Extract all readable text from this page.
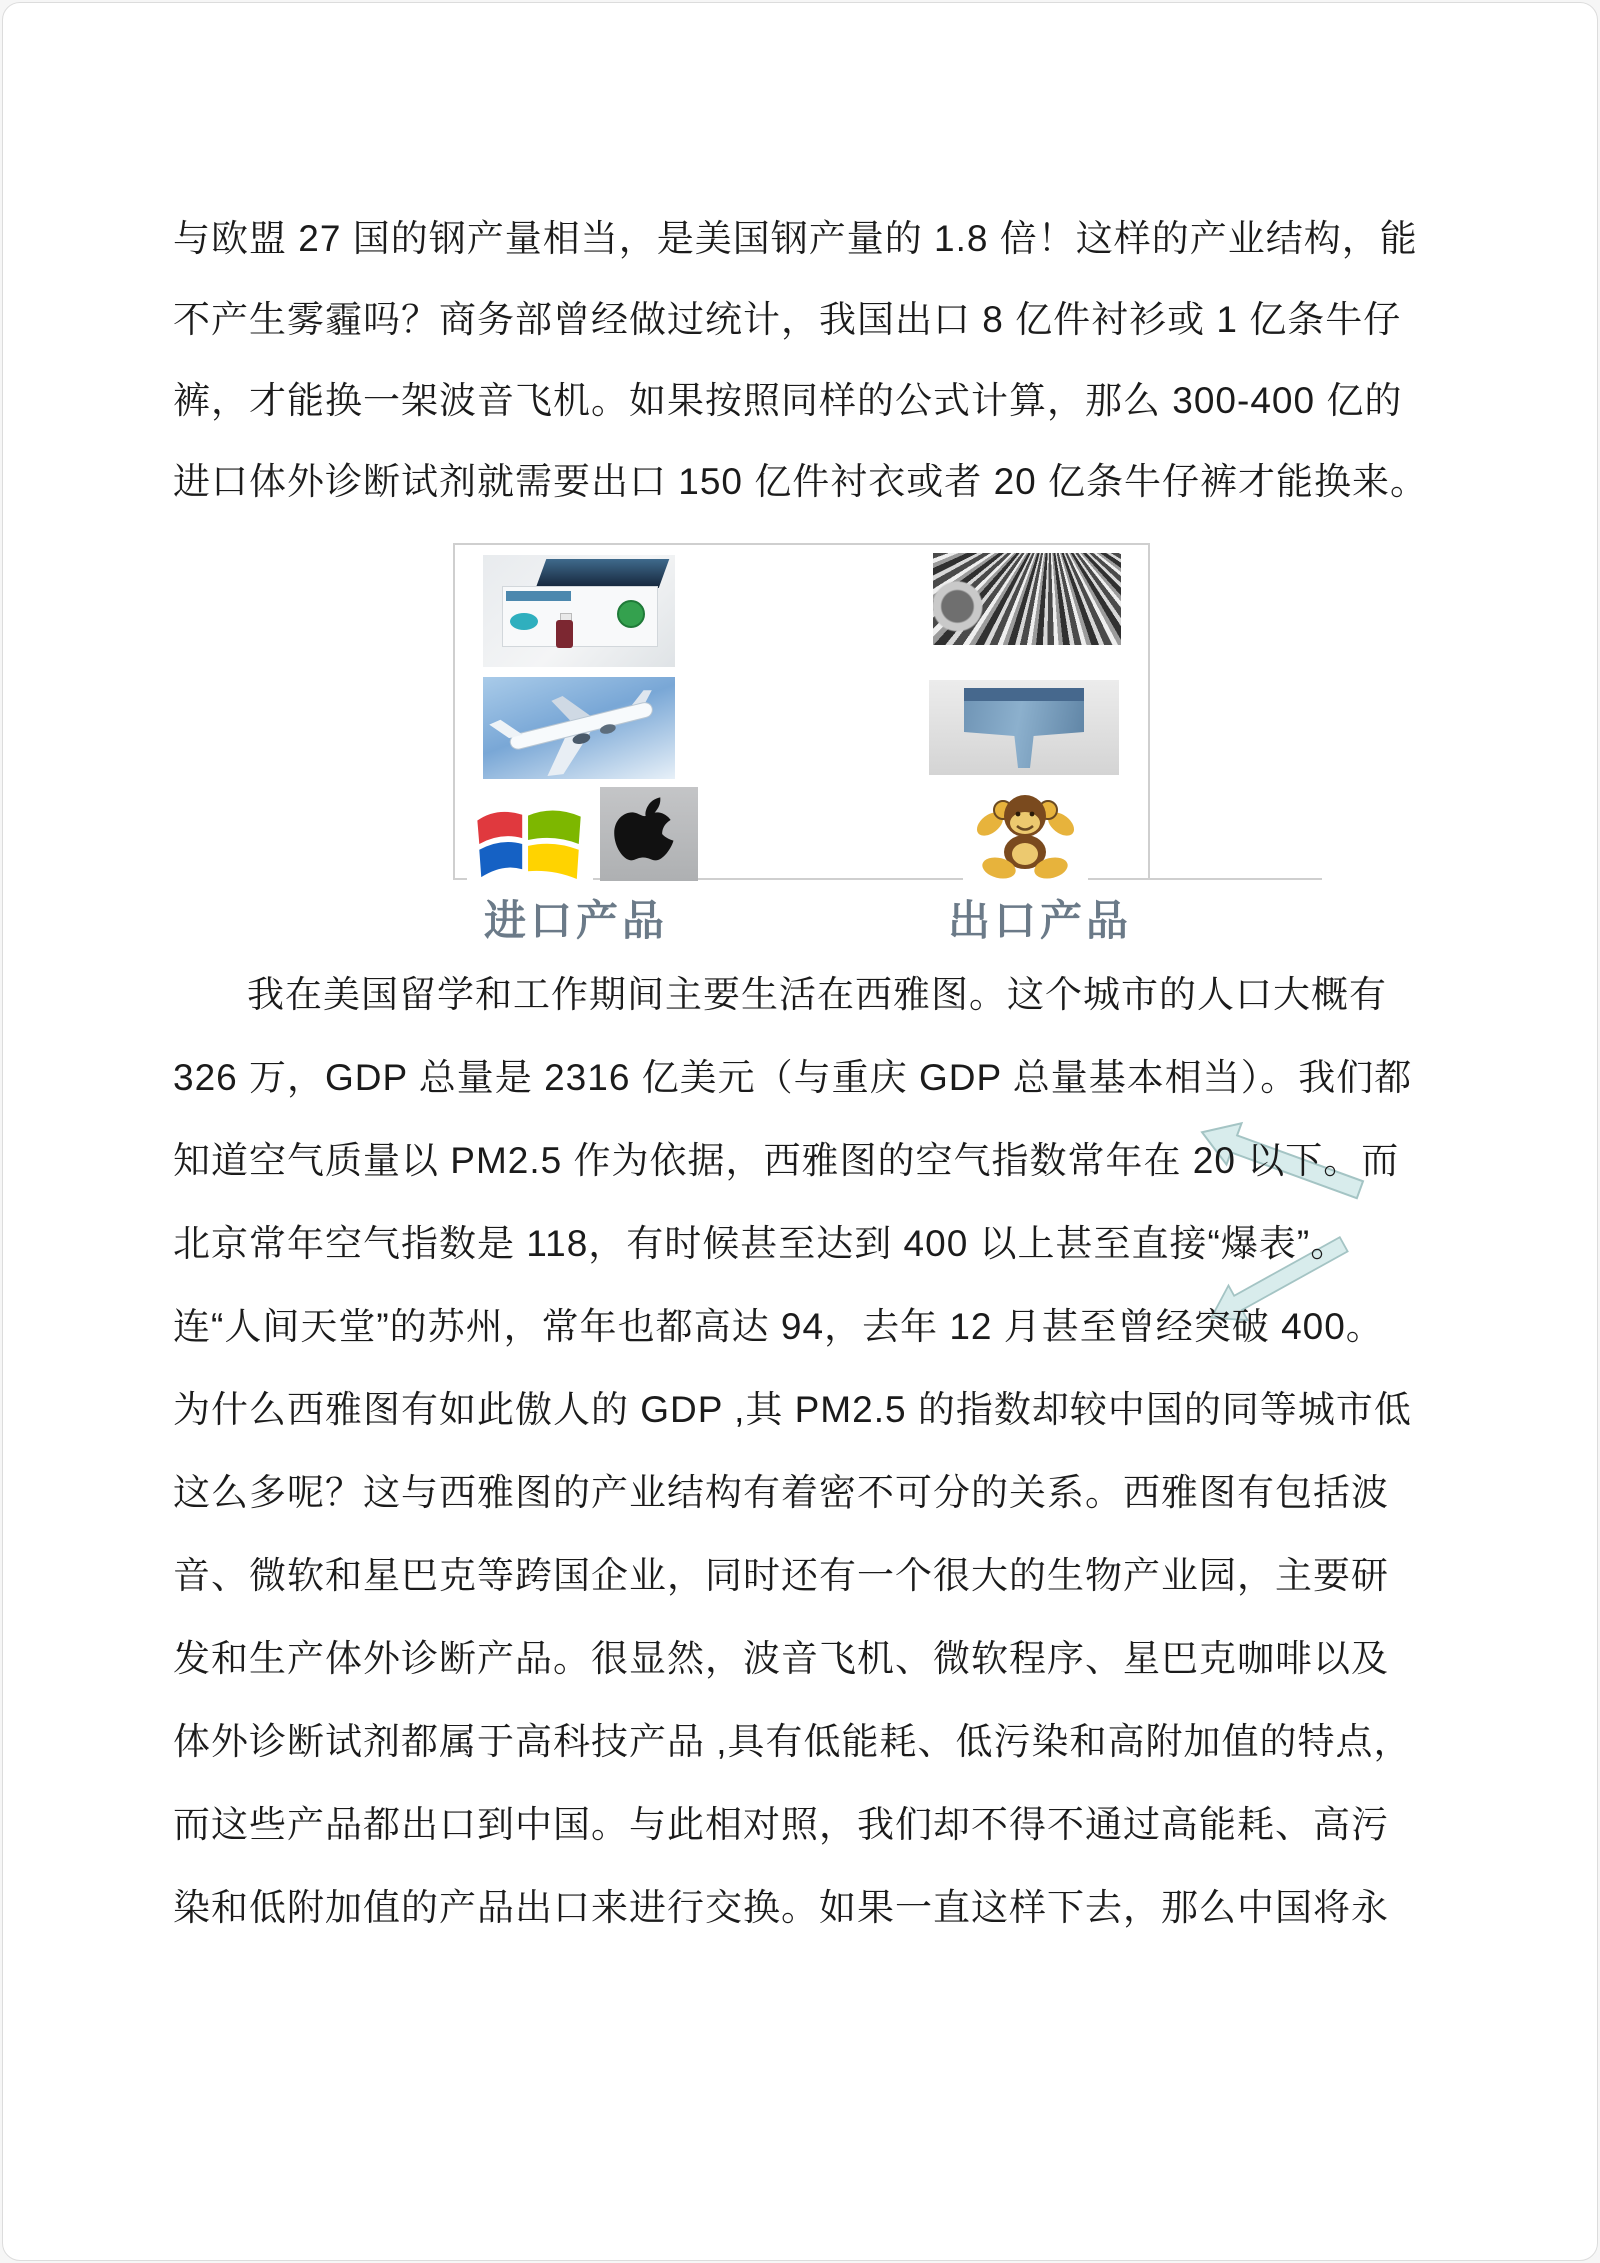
与欧盟 27 国的钢产量相当，是美国钢产量的 1.8 倍！这样的产业结构，能
不产生雾霾吗？商务部曾经做过统计，我国出口 8 亿件衬衫或 1 亿条牛仔
裤，才能换一架波音飞机。如果按照同样的公式计算，那么 300-400 亿的
进口体外诊断试剂就需要出口 150 亿件衬衣或者 20 亿条牛仔裤才能换来。
进口产品	出口产品
我在美国留学和工作期间主要生活在西雅图。这个城市的人口大概有
326 万，GDP 总量是 2316 亿美元（与重庆 GDP 总量基本相当）。我们都
知道空气质量以 PM2.5 作为依据，西雅图的空气指数常年在 20 以下。而
北京常年空气指数是 118，有时候甚至达到 400 以上甚至直接“爆表”。
连“人间天堂”的苏州，常年也都高达 94，去年 12 月甚至曾经突破 400。
为什么西雅图有如此傲人的 GDP ,其 PM2.5 的指数却较中国的同等城市低
这么多呢？这与西雅图的产业结构有着密不可分的关系。西雅图有包括波
音、微软和星巴克等跨国企业，同时还有一个很大的生物产业园，主要研
发和生产体外诊断产品。很显然，波音飞机、微软程序、星巴克咖啡以及
体外诊断试剂都属于高科技产品 ,具有低能耗、低污染和高附加值的特点，
而这些产品都出口到中国。与此相对照，我们却不得不通过高能耗、高污
染和低附加值的产品出口来进行交换。如果一直这样下去，那么中国将永
